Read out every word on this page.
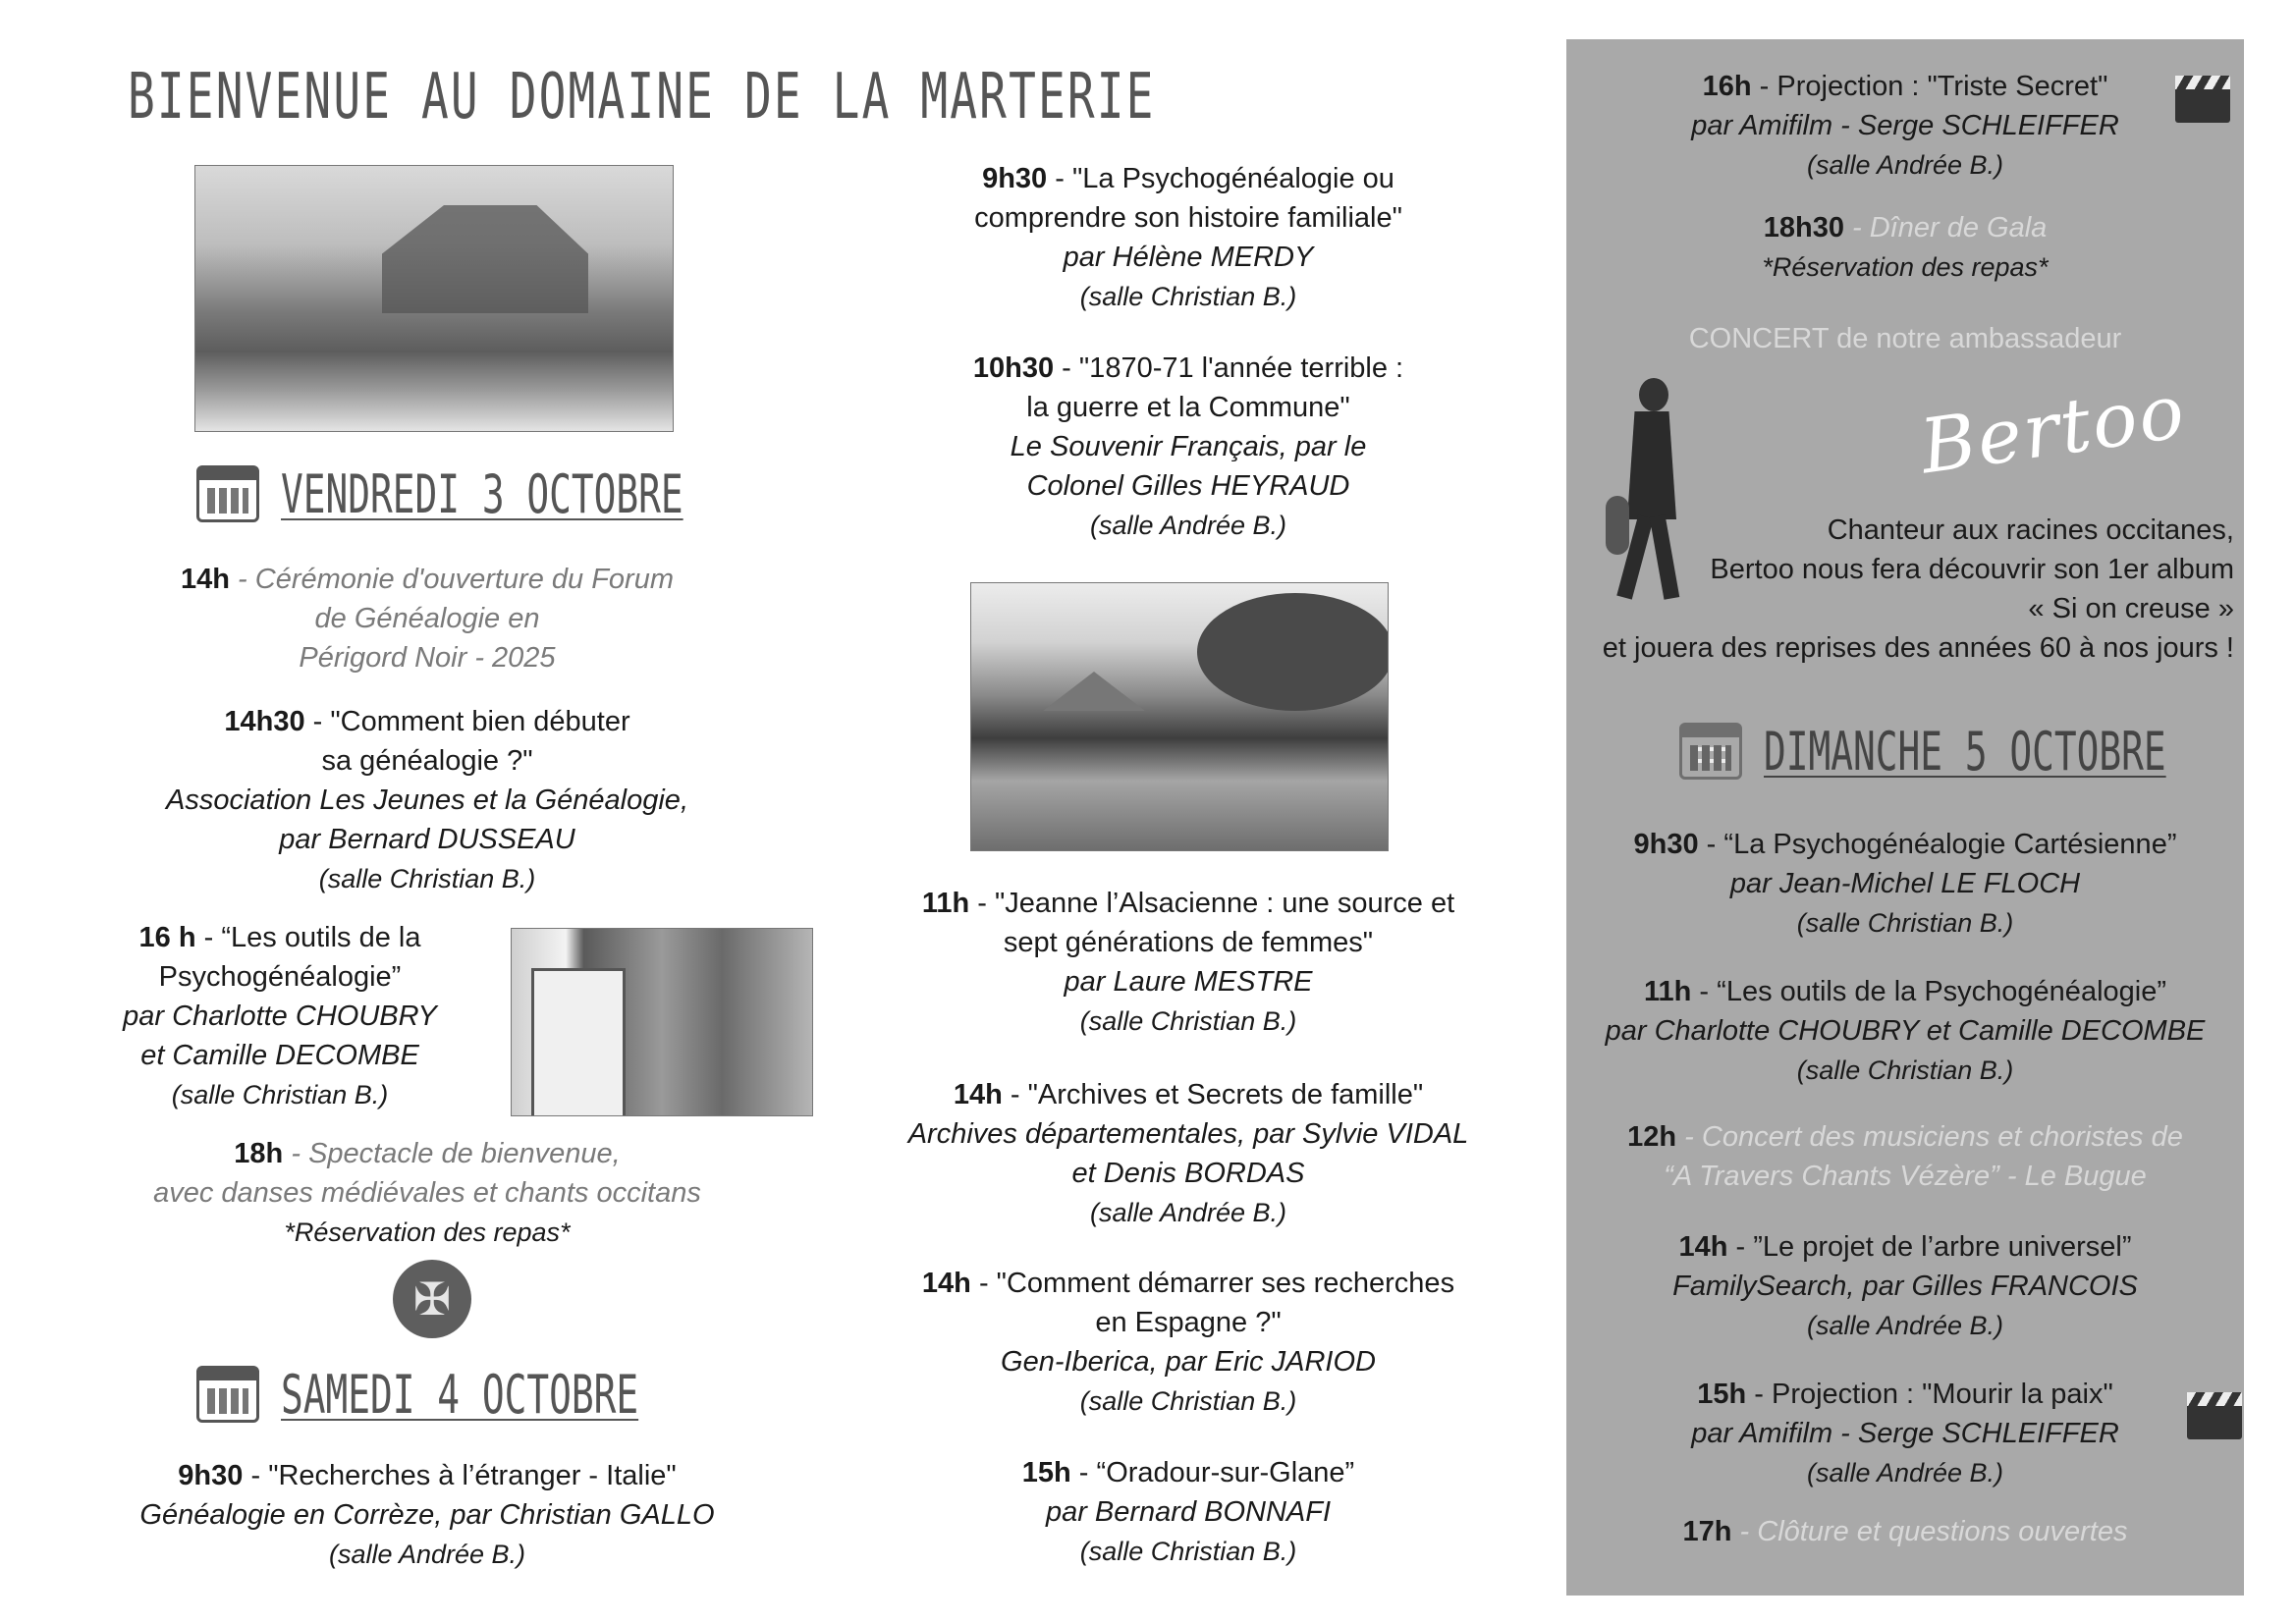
BIENVENUE AU DOMAINE DE LA MARTERIE
VENDREDI 3 OCTOBRE
14h - Cérémonie d'ouverture du Forum
de Généalogie en
Périgord Noir - 2025
14h30 - "Comment bien débuter
sa généalogie ?"
Association Les Jeunes et la Généalogie,
par Bernard DUSSEAU
(salle Christian B.)
16 h - “Les outils de la
Psychogénéalogie”
par Charlotte CHOUBRY
et Camille DECOMBE
(salle Christian B.)
18h - Spectacle de bienvenue,
avec danses médiévales et chants occitans
*Réservation des repas*
✠
SAMEDI 4 OCTOBRE
9h30 - "Recherches à l’étranger - Italie"
Généalogie en Corrèze, par Christian GALLO
(salle Andrée B.)
9h30 - "La Psychogénéalogie ou
comprendre son histoire familiale"
par Hélène MERDY
(salle Christian B.)
10h30 - "1870-71 l'année terrible :
la guerre et la Commune"
Le Souvenir Français, par le
Colonel Gilles HEYRAUD
(salle Andrée B.)
11h - "Jeanne l’Alsacienne : une source et
sept générations de femmes"
par Laure MESTRE
(salle Christian B.)
14h - "Archives et Secrets de famille"
Archives départementales, par Sylvie VIDAL
et Denis BORDAS
(salle Andrée B.)
14h - "Comment démarrer ses recherches
en Espagne ?"
Gen-Iberica, par Eric JARIOD
(salle Christian B.)
15h - “Oradour-sur-Glane”
par Bernard BONNAFI
(salle Christian B.)
16h - Projection : "Triste Secret"
par Amifilm - Serge SCHLEIFFER
(salle Andrée B.)
18h30 - Dîner de Gala
*Réservation des repas*
CONCERT de notre ambassadeur
Bertoo
Chanteur aux racines occitanes,
Bertoo nous fera découvrir son 1er album
« Si on creuse »
et jouera des reprises des années 60 à nos jours !
DIMANCHE 5 OCTOBRE
9h30 - “La Psychogénéalogie Cartésienne”
par Jean-Michel LE FLOCH
(salle Christian B.)
11h - “Les outils de la Psychogénéalogie”
par Charlotte CHOUBRY et Camille DECOMBE
(salle Christian B.)
12h - Concert des musiciens et choristes de
“A Travers Chants Vézère” - Le Bugue
14h - ”Le projet de l’arbre universel”
FamilySearch, par Gilles FRANCOIS
(salle Andrée B.)
15h - Projection : "Mourir la paix"
par Amifilm - Serge SCHLEIFFER
(salle Andrée B.)
17h - Clôture et questions ouvertes
